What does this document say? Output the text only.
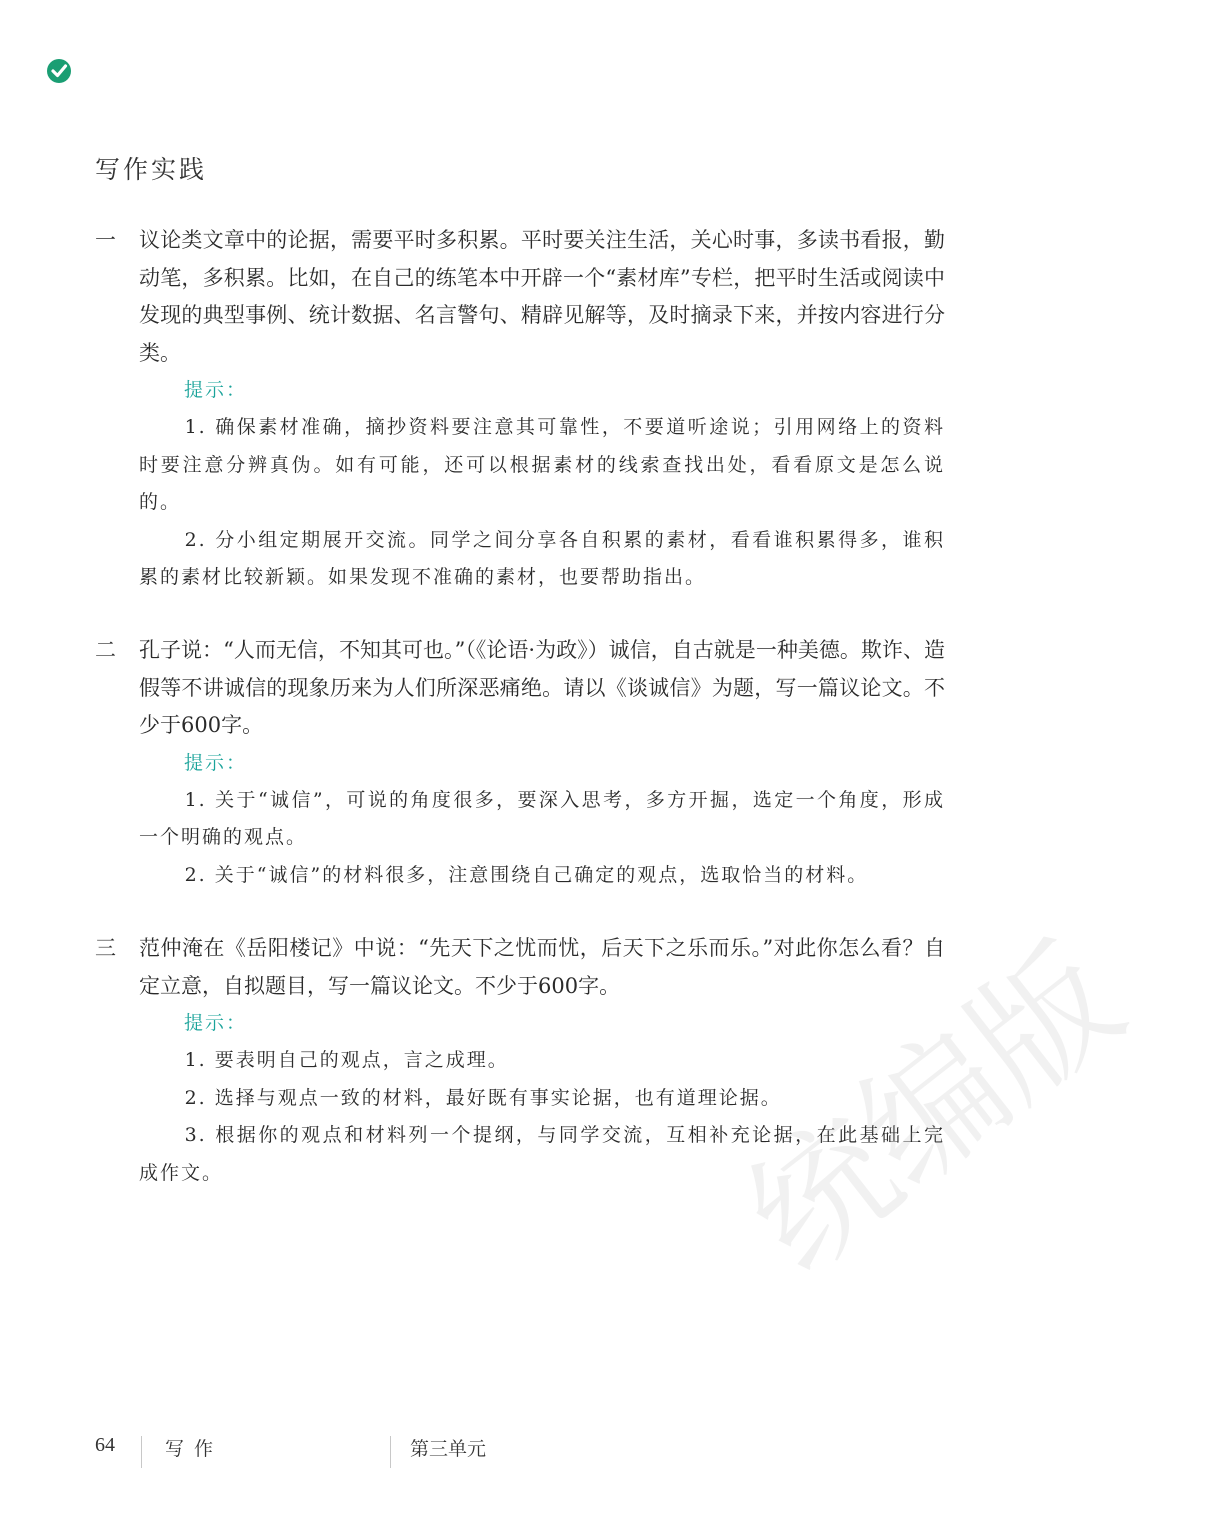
写作实践
一	议论类文章中的论据，需要平时多积累。平时要关注生活，关心时事，多读书看报，勤动笔，多积累。比如，在自己的练笔本中开辟一个“素材库”专栏，把平时生活或阅读中发现的典型事例、统计数据、名言警句、精辟见解等，及时摘录下来，并按内容进行分类。

提示：

1. 确保素材准确，摘抄资料要注意其可靠性，不要道听途说；引用网络上的资料时要注意分辨真伪。如有可能，还可以根据素材的线索查找出处，看看原文是怎么说的。

2. 分小组定期展开交流。同学之间分享各自积累的素材，看看谁积累得多，谁积累的素材比较新颖。如果发现不准确的素材，也要帮助指出。

二	孔子说：“人而无信，不知其可也。”（《论语·为政》）诚信，自古就是一种美德。欺诈、造假等不讲诚信的现象历来为人们所深恶痛绝。请以《谈诚信》为题，写一篇议论文。不少于600字。

提示：

1. 关于“诚信”，可说的角度很多，要深入思考，多方开掘，选定一个角度，形成一个明确的观点。

2. 关于“诚信”的材料很多，注意围绕自己确定的观点，选取恰当的材料。

三	范仲淹在《岳阳楼记》中说：“先天下之忧而忧，后天下之乐而乐。”对此你怎么看？自定立意，自拟题目，写一篇议论文。不少于600字。

提示：

1. 要表明自己的观点，言之成理。

2. 选择与观点一致的材料，最好既有事实论据，也有道理论据。

3. 根据你的观点和材料列一个提纲，与同学交流，互相补充论据，在此基础上完成作文。	统编版
64	写作	第三单元
